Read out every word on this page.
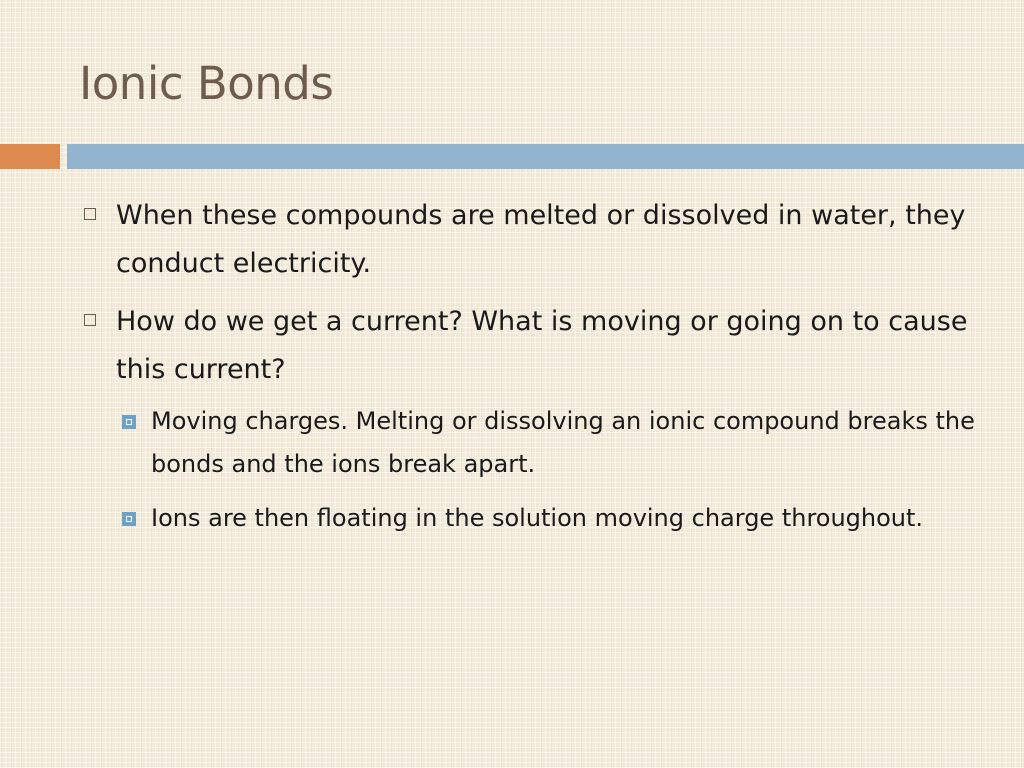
Ionic Bonds
When these compounds are melted or dissolved in water, they conduct electricity.
How do we get a current? What is moving or going on to cause this current?
Moving charges. Melting or dissolving an ionic compound breaks the bonds and the ions break apart.
Ions are then floating in the solution moving charge throughout.
